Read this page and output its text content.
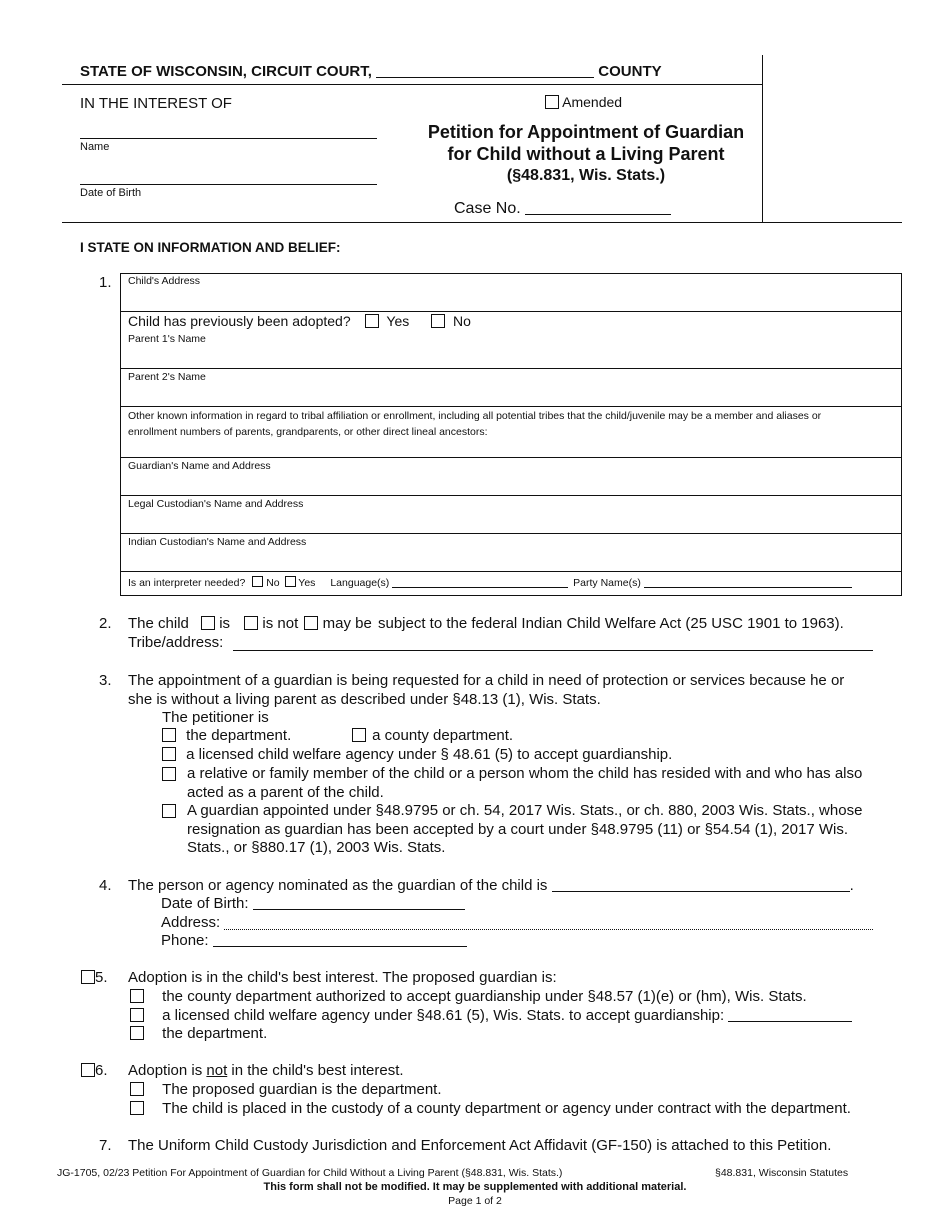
STATE OF WISCONSIN, CIRCUIT COURT,	COUNTY
IN THE INTEREST OF
Name
Date of Birth
Amended
Petition for Appointment of Guardian
for Child without a Living Parent
(§48.831, Wis. Stats.)
Case No.
I STATE ON INFORMATION AND BELIEF:
1. Child's Address
Child has previously been adopted?	Yes	No
Parent 1's Name
Parent 2's Name
Other known information in regard to tribal affiliation or enrollment, including all potential tribes that the child/juvenile may be a member and aliases or
enrollment numbers of parents, grandparents, or other direct lineal ancestors:
Guardian's Name and Address
Legal Custodian's Name and Address
Indian Custodian's Name and Address
Is an interpreter needed? No Yes Language(s)	Party Name(s)
2. The child is is not may be subject to the federal Indian Child Welfare Act (25 USC 1901 to 1963).
Tribe/address:
3. The appointment of a guardian is being requested for a child in need of protection or services because he or
she is without a living parent as described under §48.13 (1), Wis. Stats.
The petitioner is
the department.	a county department.
a licensed child welfare agency under § 48.61 (5) to accept guardianship.
a relative or family member of the child or a person whom the child has resided with and who has also
acted as a parent of the child.
A guardian appointed under §48.9795 or ch. 54, 2017 Wis. Stats., or ch. 880, 2003 Wis. Stats., whose
resignation as guardian has been accepted by a court under §48.9795 (11) or §54.54 (1), 2017 Wis.
Stats., or §880.17 (1), 2003 Wis. Stats.
4. The person or agency nominated as the guardian of the child is	.
Date of Birth:
Address:
Phone:
5. Adoption is in the child's best interest. The proposed guardian is:
the county department authorized to accept guardianship under §48.57 (1)(e) or (hm), Wis. Stats.
a licensed child welfare agency under §48.61 (5), Wis. Stats. to accept guardianship:
the department.
6. Adoption is not in the child's best interest.
The proposed guardian is the department.
The child is placed in the custody of a county department or agency under contract with the department.
7. The Uniform Child Custody Jurisdiction and Enforcement Act Affidavit (GF-150) is attached to this Petition.
JG-1705, 02/23 Petition For Appointment of Guardian for Child Without a Living Parent (§48.831, Wis. Stats.)	§48.831, Wisconsin Statutes
This form shall not be modified. It may be supplemented with additional material.
Page 1 of 2
